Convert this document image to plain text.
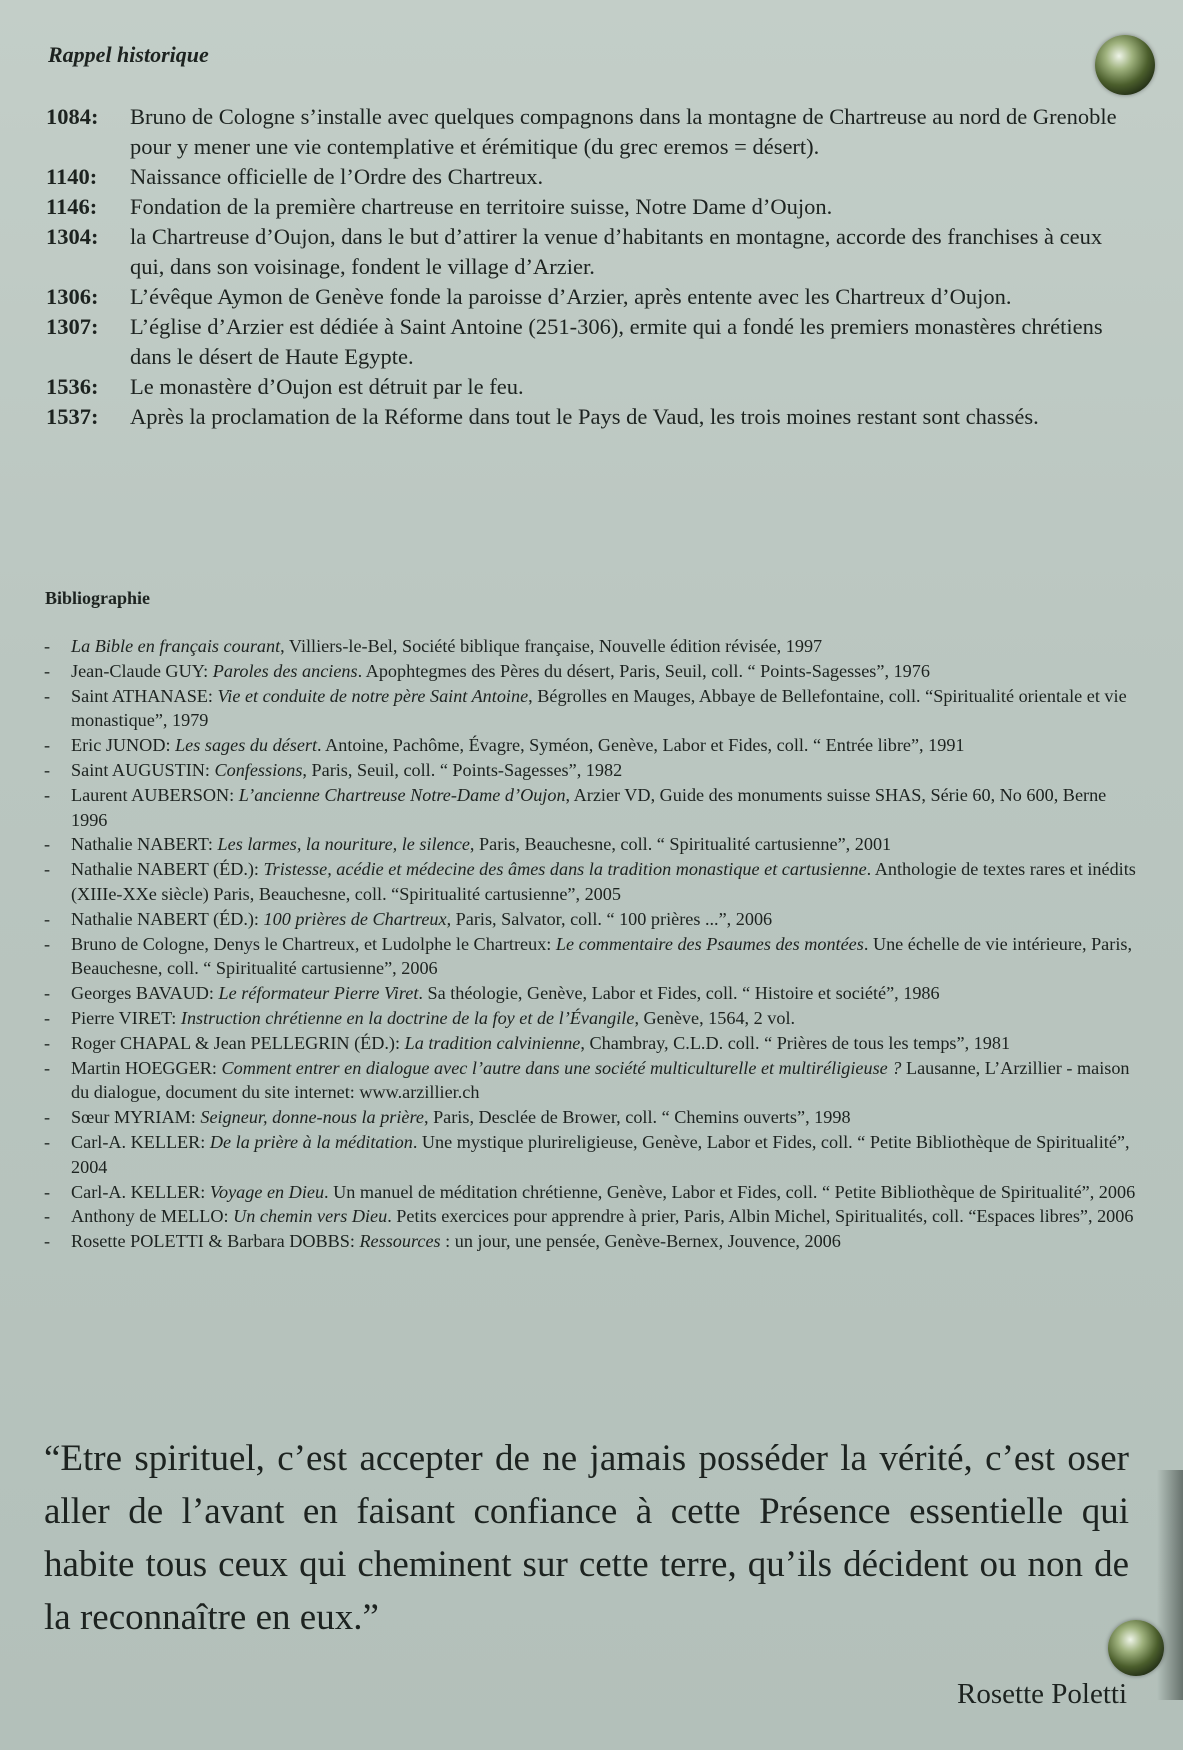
Rappel historique
1084:	Bruno de Cologne s’installe avec quelques compagnons dans la montagne de Chartreuse au nord de Grenoble pour y mener une vie contemplative et érémitique (du grec eremos = désert).
1140:	Naissance officielle de l’Ordre des Chartreux.
1146:	Fondation de la première chartreuse en territoire suisse, Notre Dame d’Oujon.
1304:	la Chartreuse d’Oujon, dans le but d’attirer la venue d’habitants en montagne, accorde des franchises à ceux qui, dans son voisinage, fondent le village d’Arzier.
1306:	L’évêque Aymon de Genève fonde la paroisse d’Arzier, après entente avec les Chartreux d’Oujon.
1307:	L’église d’Arzier est dédiée à Saint Antoine (251-306), ermite qui a fondé les premiers monastères chrétiens dans le désert de Haute Egypte.
1536:	Le monastère d’Oujon est détruit par le feu.
1537:	Après la proclamation de la Réforme dans tout le Pays de Vaud, les trois moines restant sont chassés.
Bibliographie
-	La Bible en français courant, Villiers-le-Bel, Société biblique française, Nouvelle édition révisée, 1997
-	Jean-Claude GUY: Paroles des anciens. Apophtegmes des Pères du désert, Paris, Seuil, coll. “ Points-Sagesses”, 1976
-	Saint ATHANASE: Vie et conduite de notre père Saint Antoine, Bégrolles en Mauges, Abbaye de Bellefontaine, coll. “Spiritualité orientale et vie monastique”, 1979
-	Eric JUNOD: Les sages du désert. Antoine, Pachôme, Évagre, Syméon, Genève, Labor et Fides, coll. “ Entrée libre”, 1991
-	Saint AUGUSTIN: Confessions, Paris, Seuil, coll. “ Points-Sagesses”, 1982
-	Laurent AUBERSON: L’ancienne Chartreuse Notre-Dame d’Oujon, Arzier VD, Guide des monuments suisse SHAS, Série 60, No 600, Berne 1996
-	Nathalie NABERT: Les larmes, la nouriture, le silence, Paris, Beauchesne, coll. “ Spiritualité cartusienne”, 2001
-	Nathalie NABERT (ÉD.): Tristesse, acédie et médecine des âmes dans la tradition monastique et cartusienne. Anthologie de textes rares et inédits (XIIIe-XXe siècle) Paris, Beauchesne, coll. “Spiritualité cartusienne”, 2005
-	Nathalie NABERT (ÉD.): 100 prières de Chartreux, Paris, Salvator, coll. “ 100 prières ...”, 2006
-	Bruno de Cologne, Denys le Chartreux, et Ludolphe le Chartreux: Le commentaire des Psaumes des montées. Une échelle de vie intérieure, Paris, Beauchesne, coll. “ Spiritualité cartusienne”, 2006
-	Georges BAVAUD: Le réformateur Pierre Viret. Sa théologie, Genève, Labor et Fides, coll. “ Histoire et société”, 1986
-	Pierre VIRET: Instruction chrétienne en la doctrine de la foy et de l’Évangile, Genève, 1564, 2 vol.
-	Roger CHAPAL & Jean PELLEGRIN (ÉD.): La tradition calvinienne, Chambray, C.L.D. coll. “ Prières de tous les temps”, 1981
-	Martin HOEGGER: Comment entrer en dialogue avec l’autre dans une société multiculturelle et multiréligieuse ? Lausanne, L’Arzillier - maison du dialogue, document du site internet: www.arzillier.ch
-	Sœur MYRIAM: Seigneur, donne-nous la prière, Paris, Desclée de Brower, coll. “ Chemins ouverts”, 1998
-	Carl-A. KELLER: De la prière à la méditation. Une mystique plurireligieuse, Genève, Labor et Fides, coll. “ Petite Bibliothèque de Spiritualité”, 2004
-	Carl-A. KELLER: Voyage en Dieu. Un manuel de méditation chrétienne, Genève, Labor et Fides, coll. “ Petite Bibliothèque de Spiritualité”, 2006
-	Anthony de MELLO: Un chemin vers Dieu. Petits exercices pour apprendre à prier, Paris, Albin Michel, Spiritualités, coll. “Espaces libres”, 2006
-	Rosette POLETTI & Barbara DOBBS: Ressources : un jour, une pensée, Genève-Bernex, Jouvence, 2006
“Etre spirituel, c’est accepter de ne jamais posséder la vérité, c’est oser aller de l’avant en faisant confiance à cette Présence essentielle qui habite tous ceux qui cheminent sur cette terre, qu’ils décident ou non de la reconnaître en eux.”
Rosette Poletti
